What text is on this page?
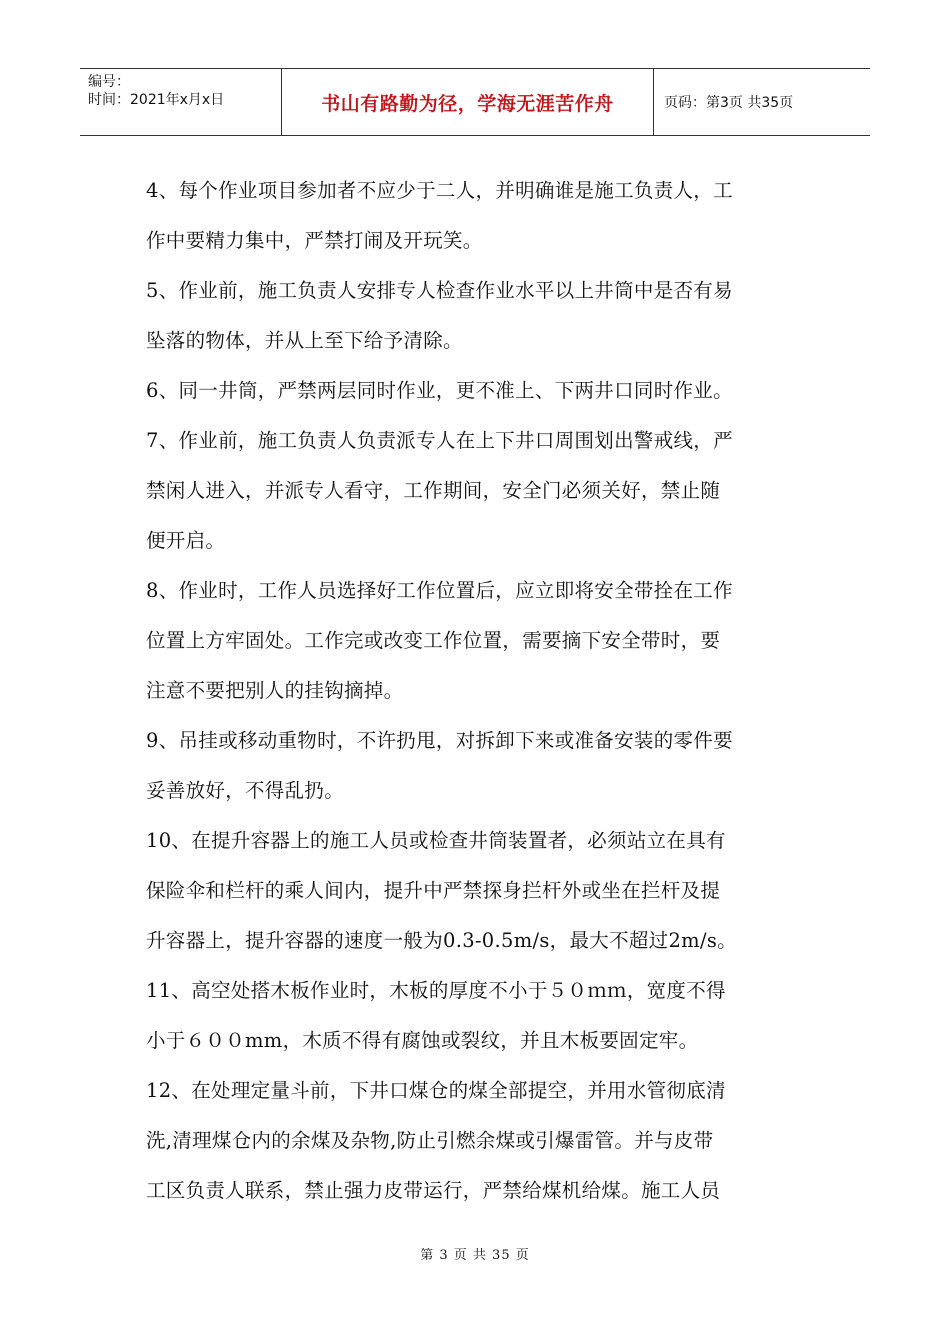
编号：
时间：2021年x月x日	书山有路勤为径，学海无涯苦作舟	页码：第3页 共35页

4、每个作业项目参加者不应少于二人，并明确谁是施工负责人，工
作中要精力集中，严禁打闹及开玩笑。

5、作业前，施工负责人安排专人检查作业水平以上井筒中是否有易
坠落的物体，并从上至下给予清除。

6、同一井筒，严禁两层同时作业，更不准上、下两井口同时作业。

7、作业前，施工负责人负责派专人在上下井口周围划出警戒线，严
禁闲人进入，并派专人看守，工作期间，安全门必须关好，禁止随
便开启。

8、作业时，工作人员选择好工作位置后，应立即将安全带拴在工作
位置上方牢固处。工作完或改变工作位置，需要摘下安全带时，要
注意不要把别人的挂钩摘掉。

9、吊挂或移动重物时，不许扔甩，对拆卸下来或准备安装的零件要
妥善放好，不得乱扔。

10、在提升容器上的施工人员或检查井筒装置者，必须站立在具有
保险伞和栏杆的乘人间内，提升中严禁探身拦杆外或坐在拦杆及提
升容器上，提升容器的速度一般为0.3-0.5m/s，最大不超过2m/s。

11、高空处搭木板作业时，木板的厚度不小于５０ｍｍ，宽度不得
小于６００mm，木质不得有腐蚀或裂纹，并且木板要固定牢。

12、在处理定量斗前，下井口煤仓的煤全部提空，并用水管彻底清
洗,清理煤仓内的余煤及杂物,防止引燃余煤或引爆雷管。并与皮带
工区负责人联系，禁止强力皮带运行，严禁给煤机给煤。施工人员

第 3 页 共 35 页
